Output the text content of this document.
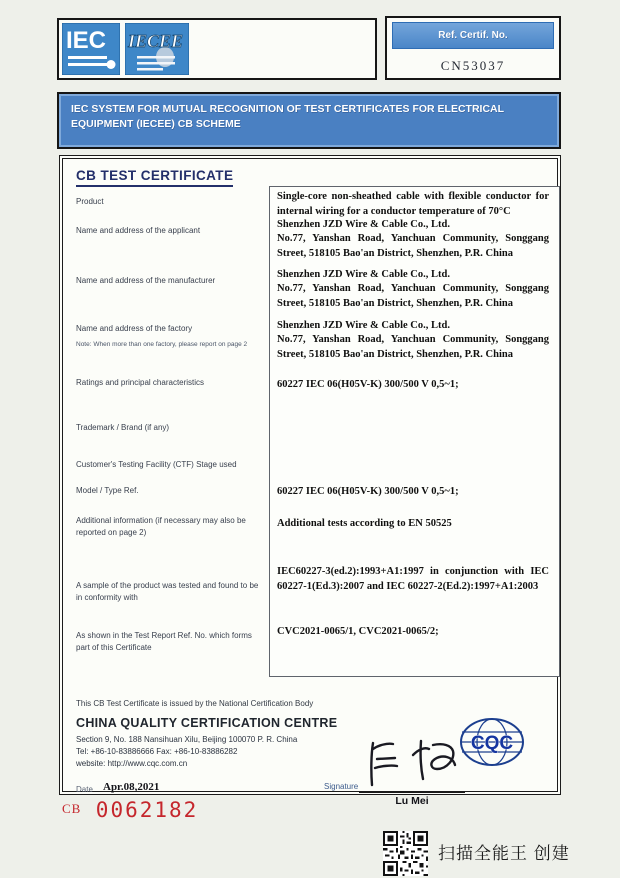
IEC IECEE	Ref. Certif. No.
CN53037
IEC SYSTEM FOR MUTUAL RECOGNITION OF TEST CERTIFICATES FOR ELECTRICAL EQUIPMENT (IECEE) CB SCHEME
CB TEST CERTIFICATE
Product
Name and address of the applicant
Name and address of the manufacturer
Name and address of the factory
Note: When more than one factory, please report on page 2
Ratings and principal characteristics
Trademark / Brand (if any)
Customer's Testing Facility (CTF) Stage used
Model / Type Ref.
Additional information (if necessary may also be reported on page 2)
A sample of the product was tested and found to be in conformity with
As shown in the Test Report Ref. No. which forms part of this Certificate
Single-core non-sheathed cable with flexible conductor for internal wiring for a conductor temperature of 70°C
Shenzhen JZD Wire & Cable Co., Ltd.
No.77, Yanshan Road, Yanchuan Community, Songgang Street, 518105 Bao'an District, Shenzhen, P.R. China
Shenzhen JZD Wire & Cable Co., Ltd.
No.77, Yanshan Road, Yanchuan Community, Songgang Street, 518105 Bao'an District, Shenzhen, P.R. China
Shenzhen JZD Wire & Cable Co., Ltd.
No.77, Yanshan Road, Yanchuan Community, Songgang Street, 518105 Bao'an District, Shenzhen, P.R. China
60227 IEC 06(H05V-K) 300/500 V 0,5~1;
60227 IEC 06(H05V-K) 300/500 V 0,5~1;
Additional tests according to EN 50525
IEC60227-3(ed.2):1993+A1:1997 in conjunction with IEC 60227-1(Ed.3):2007 and IEC 60227-2(Ed.2):1997+A1:2003
CVC2021-0065/1, CVC2021-0065/2;
This CB Test Certificate is issued by the National Certification Body
CHINA QUALITY CERTIFICATION CENTRE
Section 9, No. 188 Nansihuan Xilu, Beijing 100070 P. R. China
Tel: +86-10-83886666 Fax: +86-10-83886282
website: http://www.cqc.com.cn
Date Apr.08,2021	Signature
Lu Mei
CQC
$^{CB}$ 0062182
扫描全能王 创建
